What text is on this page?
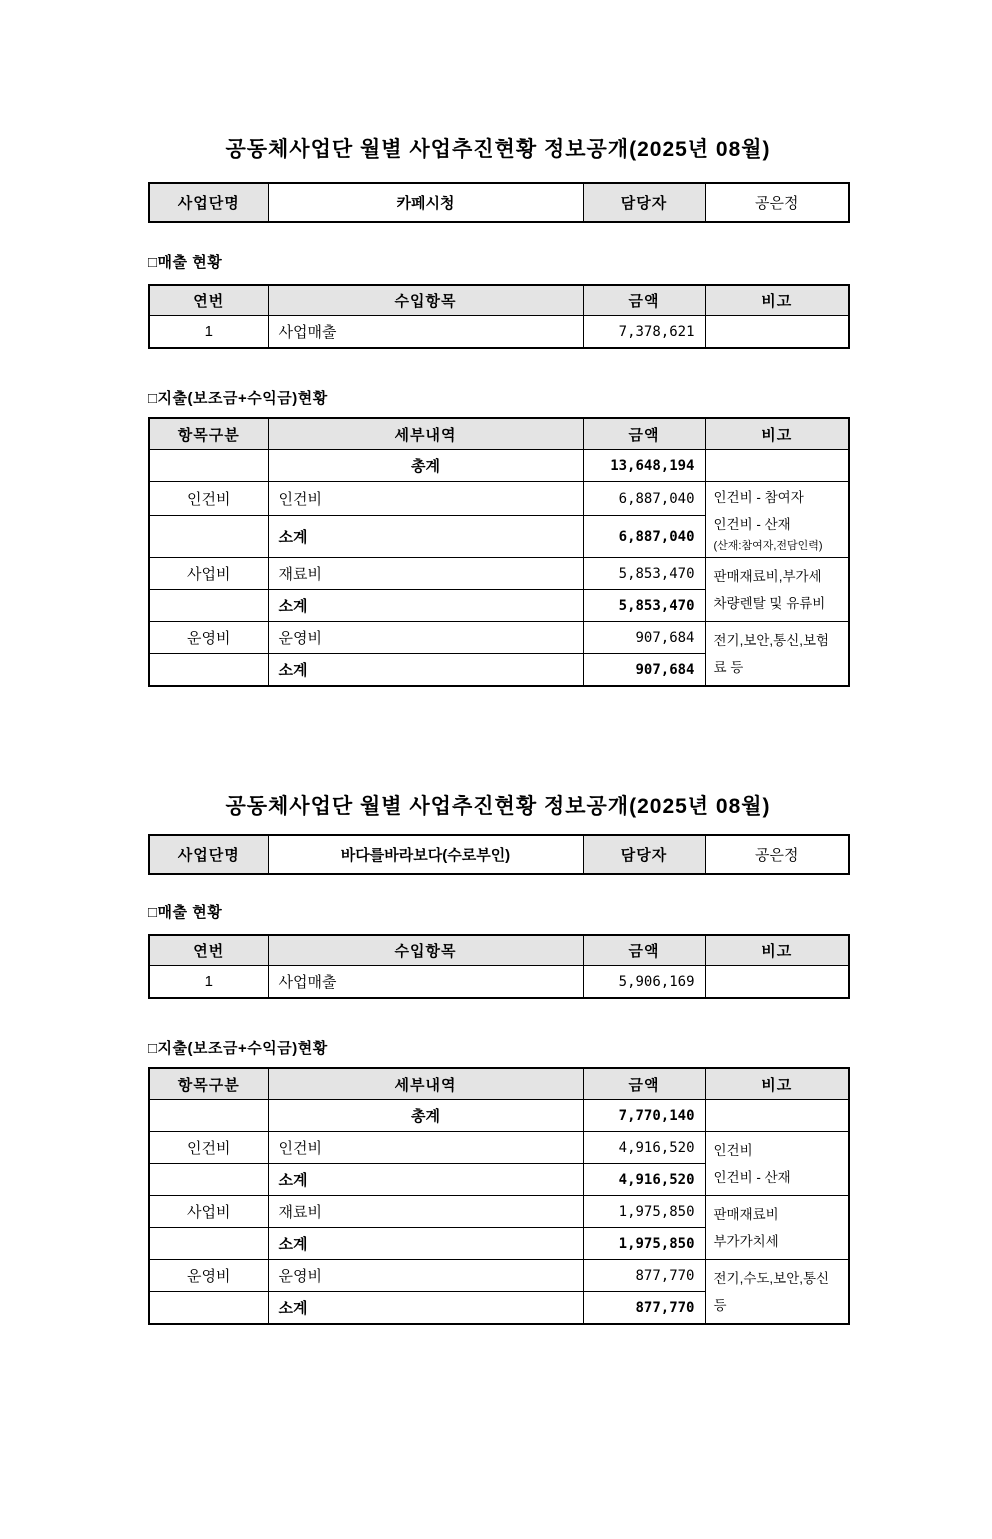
공동체사업단 월별 사업추진현황 정보공개(2025년 08월)
사업단명	카페시청	담당자	공은정
□매출 현황
연번	수입항목	금액	비고
1	사업매출	7,378,621	
□지출(보조금+수익금)현황
항목구분	세부내역	금액	비고
	총계	13,648,194	
인건비	인건비	6,887,040	인건비 - 참여자
인건비 - 산재
(산재:참여자,전담인력)

	소계	6,887,040	
사업비	재료비	5,853,470	판매재료비,부가세
차량렌탈 및 유류비

	소계	5,853,470	
운영비	운영비	907,684	전기,보안,통신,보험료 등

	소계	907,684	
공동체사업단 월별 사업추진현황 정보공개(2025년 08월)
사업단명	바다를바라보다(수로부인)	담당자	공은정
□매출 현황
연번	수입항목	금액	비고
1	사업매출	5,906,169	
□지출(보조금+수익금)현황
항목구분	세부내역	금액	비고
	총계	7,770,140	
인건비	인건비	4,916,520	인건비
인건비 - 산재

	소계	4,916,520	
사업비	재료비	1,975,850	판매재료비
부가가치세

	소계	1,975,850	
운영비	운영비	877,770	전기,수도,보안,통신 등

	소계	877,770	
